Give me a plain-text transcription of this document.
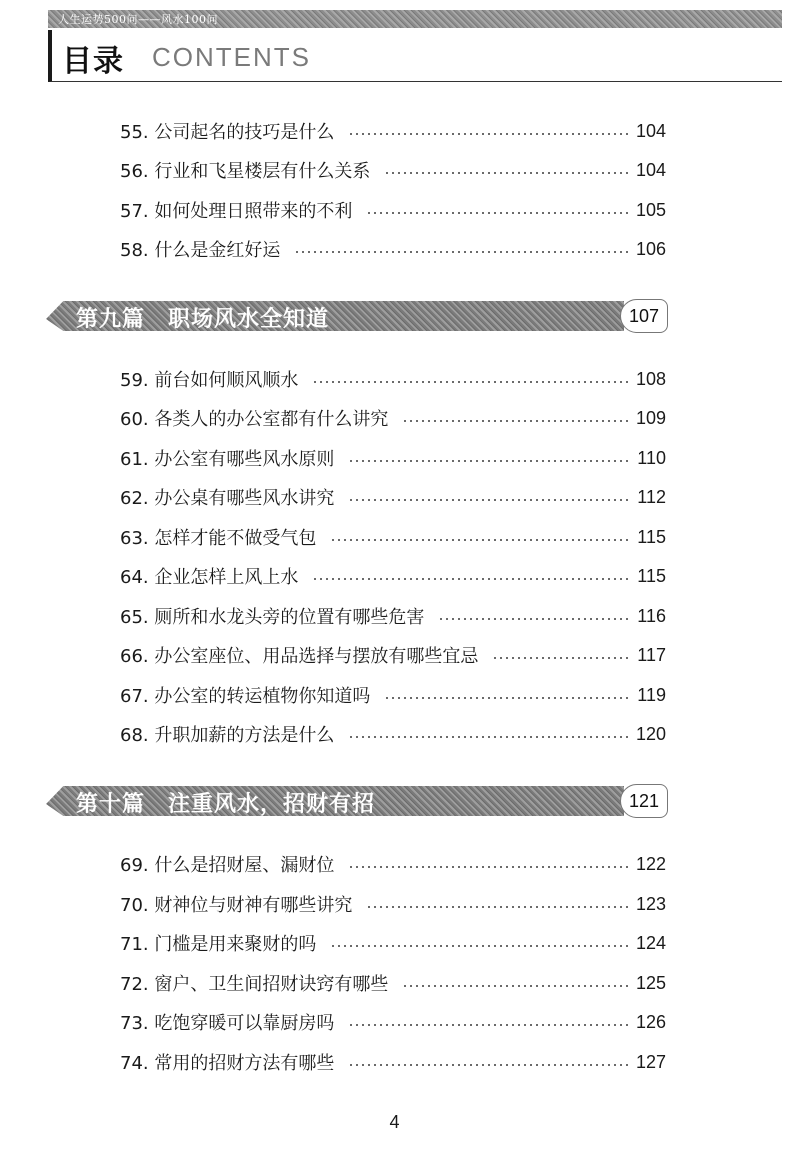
人生运势500问——风水100问
目录 CONTENTS
55. 公司起名的技巧是什么	104
56. 行业和飞星楼层有什么关系	104
57. 如何处理日照带来的不利	105
58. 什么是金红好运	106
第九篇　职场风水全知道	107
59. 前台如何顺风顺水	108
60. 各类人的办公室都有什么讲究	109
61. 办公室有哪些风水原则	110
62. 办公桌有哪些风水讲究	112
63. 怎样才能不做受气包	115
64. 企业怎样上风上水	115
65. 厕所和水龙头旁的位置有哪些危害	116
66. 办公室座位、用品选择与摆放有哪些宜忌	117
67. 办公室的转运植物你知道吗	119
68. 升职加薪的方法是什么	120
第十篇　注重风水，招财有招	121
69. 什么是招财屋、漏财位	122
70. 财神位与财神有哪些讲究	123
71. 门槛是用来聚财的吗	124
72. 窗户、卫生间招财诀窍有哪些	125
73. 吃饱穿暖可以靠厨房吗	126
74. 常用的招财方法有哪些	127
4
